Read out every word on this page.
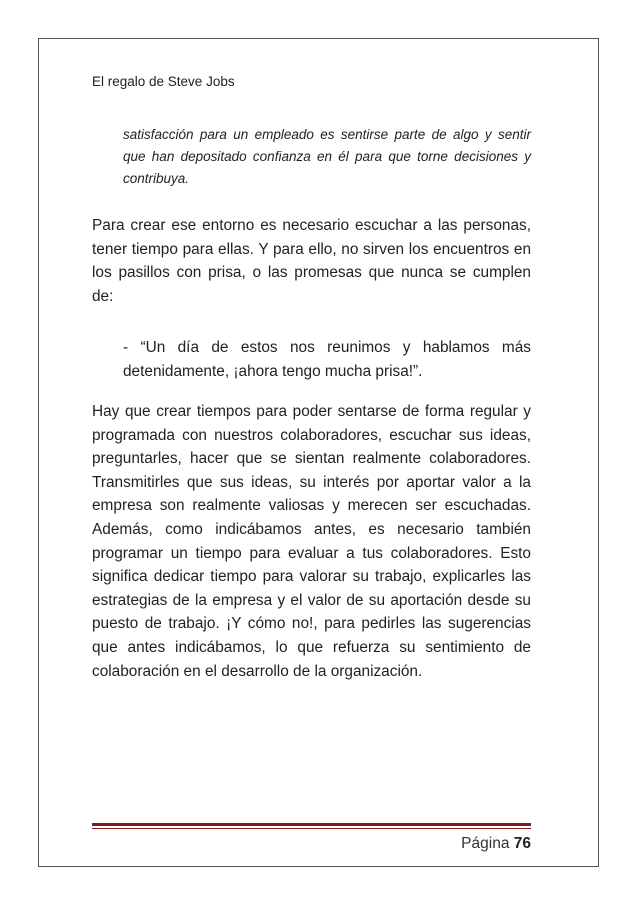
El regalo de Steve Jobs

satisfacción para un empleado es sentirse parte de algo y sentir que han depositado confianza en él para que torne decisiones y contribuya.

Para crear ese entorno es necesario escuchar a las personas, tener tiempo para ellas. Y para ello, no sirven los encuentros en los pasillos con prisa, o las promesas que nunca se cumplen de:

- “Un día de estos nos reunimos y hablamos más detenidamente, ¡ahora tengo mucha prisa!”.

Hay que crear tiempos para poder sentarse de forma regular y programada con nuestros colaboradores, escuchar sus ideas, preguntarles, hacer que se sientan realmente colaboradores. Transmitirles que sus ideas, su interés por aportar valor a la empresa son realmente valiosas y merecen ser escuchadas. Además, como indicábamos antes, es necesario también programar un tiempo para evaluar a tus colaboradores. Esto significa dedicar tiempo para valorar su trabajo, explicarles las estrategias de la empresa y el valor de su aportación desde su puesto de trabajo. ¡Y cómo no!, para pedirles las sugerencias que antes indicábamos, lo que refuerza su sentimiento de colaboración en el desarrollo de la organización.

Página 76
